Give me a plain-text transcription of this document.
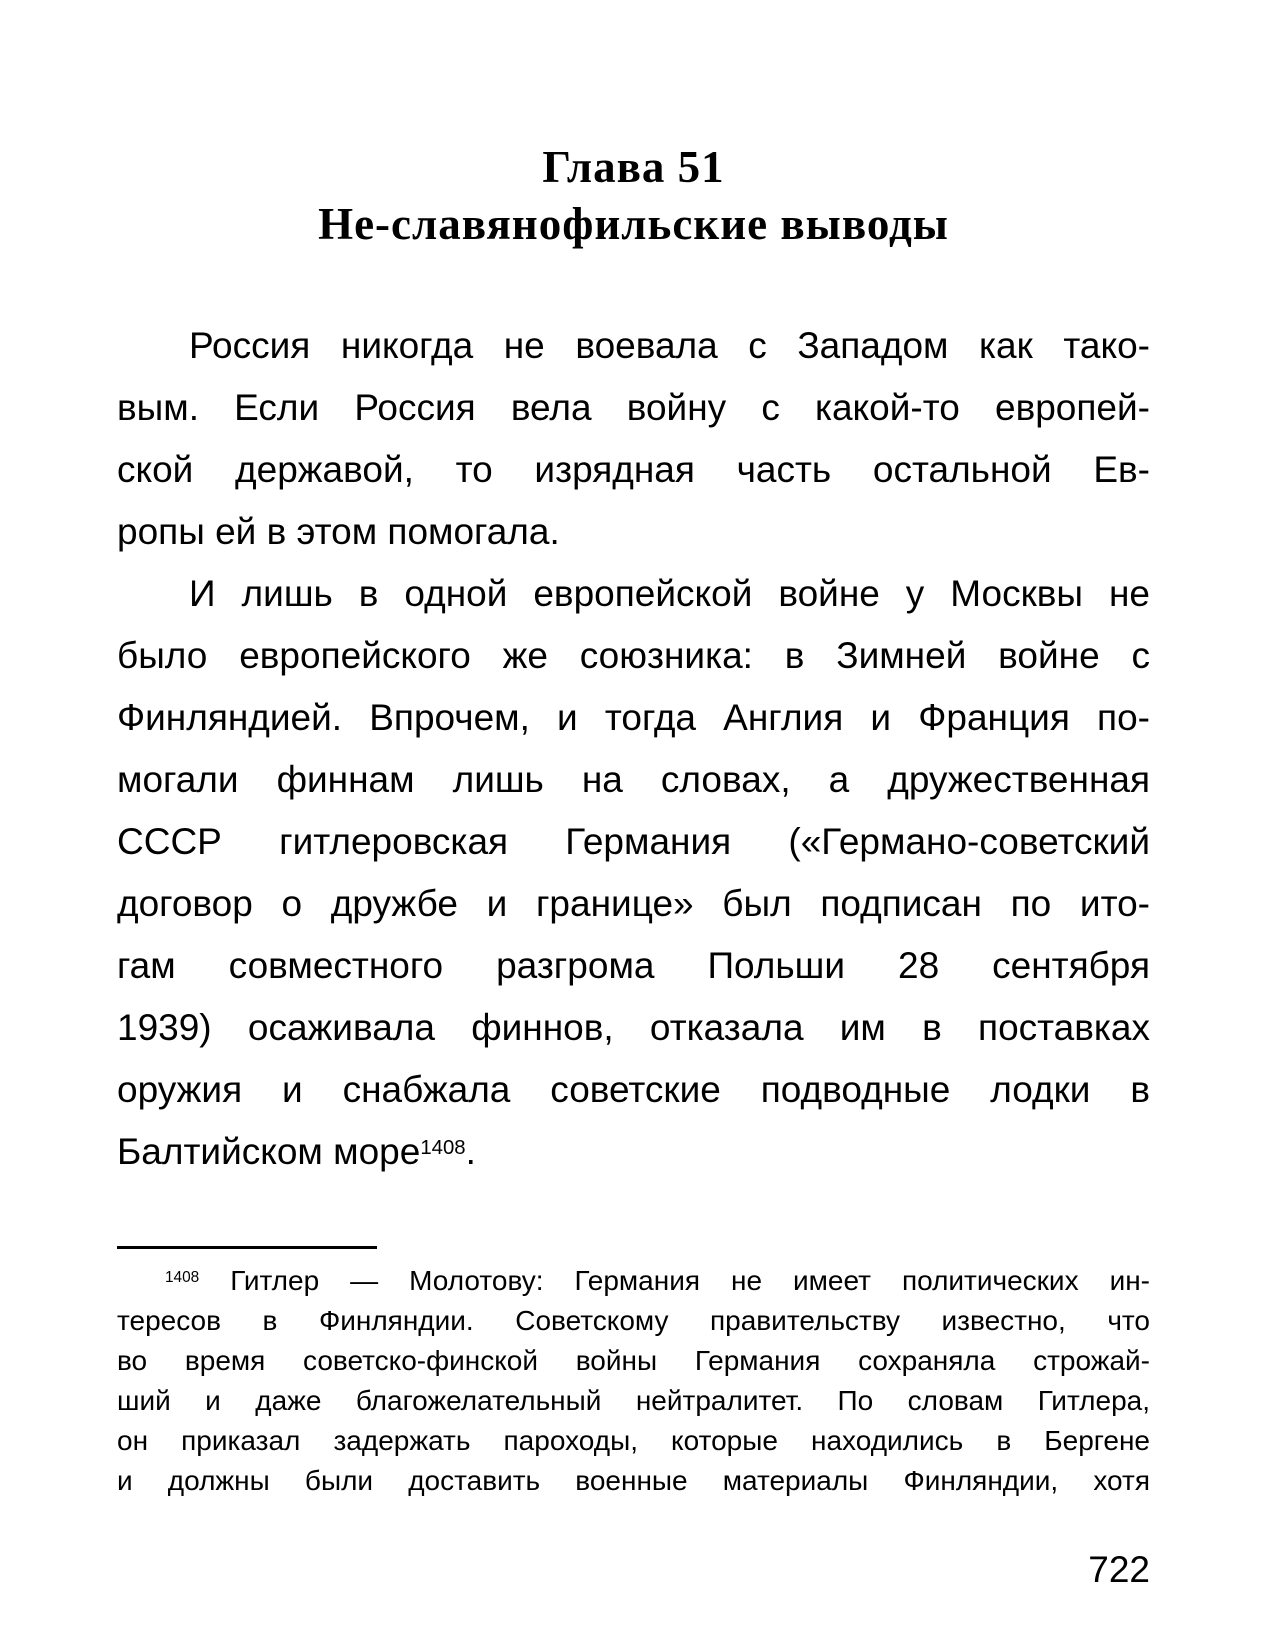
Глава 51
Не-славянофильские выводы
Россия никогда не воевала с Западом как тако-
вым. Если Россия вела войну с какой-то европей-
ской державой, то изрядная часть остальной Ев-
ропы ей в этом помогала.
И лишь в одной европейской войне у Москвы не
было европейского же союзника: в Зимней войне с
Финляндией. Впрочем, и тогда Англия и Франция по-
могали финнам лишь на словах, а дружественная
СССР гитлеровская Германия («Германо-советский
договор о дружбе и границе» был подписан по ито-
гам совместного разгрома Польши 28 сентября
1939) осаживала финнов, отказала им в поставках
оружия и снабжала советские подводные лодки в
Балтийском море$^{1408}$.
$^{1408}$ Гитлер — Молотову: Германия не имеет политических ин-
тересов в Финляндии. Советскому правительству известно, что
во время советско-финской войны Германия сохраняла строжай-
ший и даже благожелательный нейтралитет. По словам Гитлера,
он приказал задержать пароходы, которые находились в Бергене
и должны были доставить военные материалы Финляндии, хотя
722
